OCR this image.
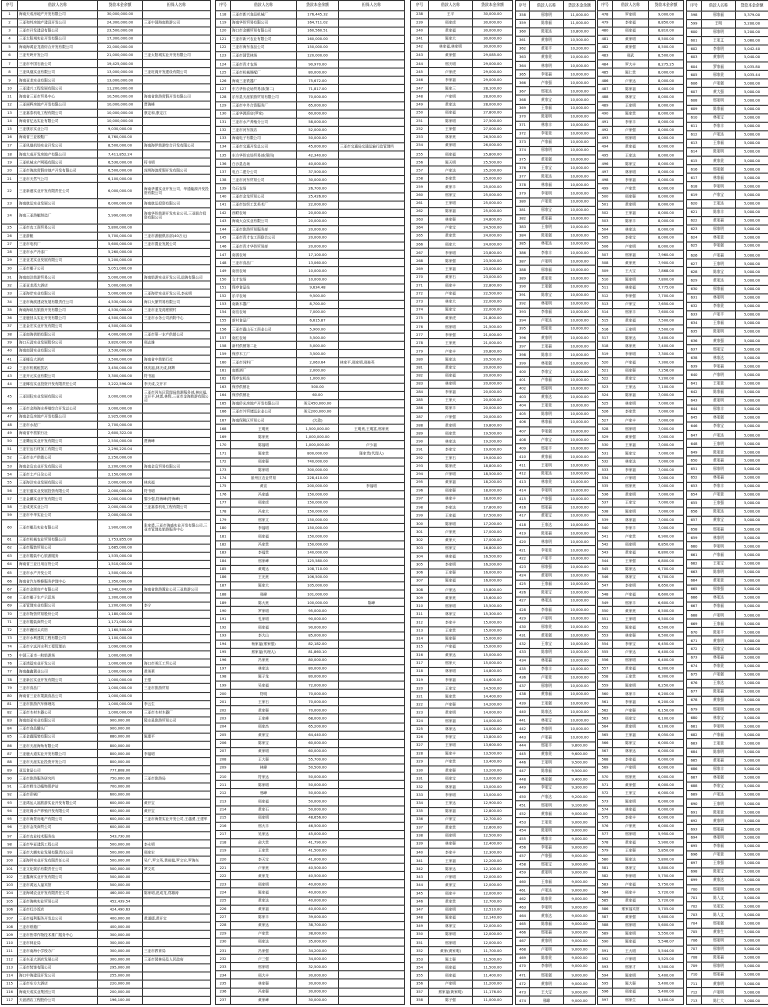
序号	借款人名称	贷款本金余额	担保人名称
1	海南天成房地产开发有限公司	30,000,000.00	
2	三亚和邦房地产建设开发公司	24,300,000.00	三亚中国海南旅游公司
3	三亚市开发建设有限公司	23,500,000.00	
4	三亚太阳城实业开发有限公司	17,300,000.00	
5	海南海鸿亚龙湾综合开发有限公司	22,000,000.00	
6	三亚夹岭开发公司	21,000,000.00	三亚太阳城实业开发有限公司
7	三亚市中国石油公司	19,425,000.00	
8	三亚凤凰实业有限公司	13,000,000.00	三亚旺阁开发建设有限公司
9	海南亚龙实业有限公司	13,000,000.00	
10	三亚建兴工程发展有限公司	11,200,000.00	
11	海南省三亚市贸易中心	10,500,000.00	海南省旅游度假开发有限公司
12	三亚丽晖房地产开发有限公司	10,000,000.00	贾海峰
13	三亚嘉泰机电工程有限公司	10,000,000.00	康定和,康定江
14	海南省亿达实业有限公司	10,000,000.00	
15	三亚康乐实业公司	9,030,000.00	
16	海南省三亚胶鞋厂	8,760,000.00	
17	三亚凤凰机场实业开发公司	8,500,000.00	海南海伊旅游综合开发有限公司
18	海南大成开发房地产有限公司	7,411,852.24	
19	三亚机械水产网箱有限公司	6,530,000.00	符书明
20	三亚市海滨度假房地产开发有限公司	6,500,000.00	深圳海滨度假开发有限公司
21	三亚市天然气公司	6,100,000.00	
22	三亚新港实业开发有限责任公司	6,000,000.00	海南华通实业开发公司、华通能源开发投资有限公司
23	海南航运实业发展公司	6,000,000.00	海南航运投资有限公司
24	海南三亚游艇制造厂	5,990,000.00	海南华侨旅游开发实业公司,三亚联合投资有限公司
25	三亚市农工商贸易公司	5,800,000.00	
26	三亚游艇	5,700,000.00	三亚市游艇俱乐部(40万元)
27	三亚市电机厂	5,600,000.00	三亚市置业发展公司
28	三亚市水产冷冻厂	5,260,000.00	
29	三亚亚龙实业发展有限公司	5,200,000.00	
30	三亚市椰子公司	5,051,000.00	
31	海南南洋旅游贸易公司	5,000,000.00	海南旅游实业开发公司,琼海有限公司
32	三亚亚龙湾大酒店	5,000,000.00	
33	三亚海岸实业有限公司	5,000,000.00	三亚海岸实业开发公司,李光明
34	三亚市海滨建设发展有限责任公司	4,530,000.00	海口大厦贸易有限公司
35	海南海坦岛旅游开发有限公司	4,530,000.00	三亚市亚龙湾度假村
36	三亚鹿回头实业开发有限公司	4,500,000.00	三亚市水务公司消防中心
37	三亚金宏实业开发有限公司	4,500,000.00	
38	三亚南海供销有限公司	4,000,000.00	三亚市第一水产供销公司
39	海口天涯实业发展股份公司	3,820,000.00	邢志雄
40	海南南国实业有限公司	3,530,000.00	
41	三亚椰岛大酒店	3,500,000.00	海南省中旅旅行社
42	三亚市机械租赁站	3,450,000.00	林庆福,林天成,林辉
43	三亚开元实业有限公司	3,300,000.00	符书福
44	三亚椰岛实业投资开发有限责任公司	3,222,596.00	李天成,文开平
45	三亚国际实业发展有限公司	3,000,000.00	三亚市河东区管理局旅游服务部,林庆福,文开平,林勇,林辉,三亚市金海旅游有限公司
46	三亚市金海海水养殖综合开发总公司	3,000,000.00	
47	海南金岛房地产开发有限公司	2,925,000.00	
48	三亚市水泥厂	2,700,000.00	
49	海南省中旅旅行社	2,600,322.00	
50	三亚腾达实业开发有限公司	2,550,000.00	贾海峰
51	三亚宏达石材加工有限公司	2,290,220.04	
52	三亚市水产供销公司	2,250,000.00	
53	海南金岛农业开发有限公司	2,200,000.00	海南金岛贸易有限公司
54	三亚市土产日杂公司	2,150,000.00	
55	三亚海洋实业发展有限公司	2,000,000.00	林庆福
56	三亚宏盛实业发展投资有限公司	2,000,000.00	符书明
57	三亚金鹏实业开发有限公司	2,000,000.00	黎少强,符海峰(符海峰)
58	三亚成美实业公司	2,000,000.00	三亚嘉泰机电工程有限公司
59	三亚市中华实业公司	2,000,000.00	
60	三亚市椰岛实业有限公司	1,900,000.00	张家勇,三亚市海盛实业开发有限公司,三亚市管理处旅游服务中心
61	三亚市机械农业贸易有限公司	1,753,855.00	
62	三亚市服装贸易公司	1,685,000.00	
63	三亚市服装中心旅游服务	1,535,000.00	
64	海南省三亚日用百货公司	1,510,000.00	
65	三亚市水产开发公司	1,500,000.00	
66	海南省汽车维修服务护理中心	1,350,000.00	
67	三亚市金源房产有限公司	1,340,000.00	海南省旅游置业公司三亚旅游公司
68	三亚市椰子生产示范场	1,300,000.00	
69	三亚管理实业有限公司	1,200,000.00	李宁
70	三亚市物资贸易股份公司	1,180,000.00	
71	三亚市服装商贸公司	1,171,000.00	
72	三亚市鹿回头宾馆	1,160,500.00	
73	三亚市水利建筑工程有限公司	1,100,000.00	
74	三亚市宁远河水利工程管理站	1,090,000.00	
75	中国三亚市一般旅游场	1,000,000.00	
76	三亚鸿基实业开发公司	1,000,000.00	海口市美江工贸公司
77	海南鑫鑫置业公司	1,000,000.00	黄美華
78	三亚新区实业开发有限公司	1,000,000.00	王强
79	三亚市食品厂	1,000,000.00	三亚市旅游贸易
80	海南省三亚市果蔬食品公司	1,000,000.00	
81	三亚市旅游汽车修理站	1,000,000.00	李云生
82	三亚市木材木器公司	1,000,000.00	三亚市木材木器厂
83	海南南亚实业有限公司	900,000.00	陵水县旅游贸易公司
84	三亚市食品罐头厂	900,000.00	
85	三亚金鹿服装有限公司	880,000.00	陈康平
86	三亚市天涯海角有限公司	800,000.00	
87	三亚鹿大道实业开发有限公司	800,000.00	李福明
88	三亚市天涯实业投资开发公司	800,000.00	
89	亚运食品公司	777,808.00	
90	三亚市旅游服务研究所	750,000.00	三亚市旅游局
91	三亚市野生动植物保护站	700,000.00	
92	三亚市印刷厂	600,000.00	
93	三亚鸿运人福旅游实业开发有限公司	600,000.00	黄开宝
94	三亚旺阁水产养殖开发有限公司	600,000.00	黄开宝
95	三亚市海景房地产有限公司	600,000.00	三亚市海景实业开发公司,王越勇,王建军
96	三亚市金茂商贸公司	600,000.00	
97	三亚市农业技术服务站	543,730.00	
98	三亚市华亚建筑工程公司	500,000.00	李永明
99	三亚市大鹏实业发展有限责任公司	500,000.00	邢家宏
100	三亚海昇实业开发有限责任公司	500,000.00	吴广,罗文英,黄裕聪,罗文宏,罗海东
101	三亚文化娱乐有限责任公司	500,000.00	罗文英
102	三亚鑫海实业开发有限公司	500,000.00	
103	三亚市鸿运人福宾馆	500,000.00	
104	三亚海城农业开发有限责任公司	460,000.00	陈家明,范成龙,郑雄涛
105	三亚市海峡实业贸易公司	452,439.54	
106	三亚市红沙饭店	424,490.63	
107	三亚市福利服务开发总公司	400,000.00	黄道德,黄开宝
108	三亚市纸箱厂	400,000.00	
109	三亚市热带作物技术推广服务中心	300,000.00	
110	三亚市林业局	300,000.00	
111	三亚市南海小学校办厂	300,000.00	三亚市教育局
112	三亚东亚大酒店发展公司	300,000.00	三亚市园林局及人民政府
113	三亚市装饰有限公司	295,000.00	
114	海口中海建设开发公司	255,000.00	
115	三亚市东方大酒店	220,000.00	
116	海南天成实业集团公司	200,000.00	
117	天涯酒店工程股份公司	196,100.00	
序号	借款人名称	贷款本金余额	担保人名称
118	三亚市新兴食品机械厂	176,445.32	
119	海南华侨贸易有限公司	164,711.02	
120	海口市金鹏贸易有限公司	160,560.51	
121	三亚市新兴农业有限公司	160,000.00	
122	三亚市海东食品公司	150,000.00	
123	三亚市国营林场	120,000.00	
124	三亚市育才农场	90,970.00	
125	三亚市机械修配厂	80,000.00	
126	海南三亚铁器厂	75,672.00	
127	东方华侨农场贸易部(第二)	71,817.00	
128	乐东县天涯旅游贸易有限公司	70,000.00	
129	三亚市中外合资服务厂	65,000.00	
130	三亚华源商店(罗家)	60,000.00	
131	三亚市水产养殖分公司	58,000.00	
132	三亚市河东饭店	52,000.00	
133	海南电子有限公司	50,000.00	
134	三亚市交通开发总公司	45,000.00	三亚市交通局交通运输行政管理所
135	东方华侨农场贸易部(第四)	42,340.00	
136	白沙县农场	40,000.00	
137	电白二建分公司	37,500.00	
138	三亚市河东贸易公司	30,000.00	
139	乌石农场	26,700.00	
140	三亚市金龙贸易公司	25,426.00	
141	三亚市纺织工艺美术厂	22,000.00	
142	西联农场	20,000.00	
143	海南大众实业有限公司	20,000.00	
144	三亚市旅游贸易服务部	20,000.00	
145	三亚市育才农工商联合公司	20,000.00	
146	三亚市育才华侨贸易部	20,000.00	
147	南滨农场	17,100.00	
148	三亚市食品厂	13,060.00	
149	南田农场	10,000.00	
150	立才农场	10,000.00	
151	保亭食品站	9,634.48	
152	乐平农场	9,500.00	
153	南新木器厂	8,700.00	
154	南岛农场	7,000.00	
155	新村食品厂	6,615.87	
156	三亚市鹿山石工商业公司	5,900.00	
157	南红农场	5,500.00	
158	新村供销第二社	5,000.00	
159	保亭木工厂	3,500.00	
160	三亚市饲料厂	2,063.64	林家平,邢家明,邢桂英
161	南新酒厂	2,000.00	
162	保亭农机站	1,000.00	
163	保亭供销社	500.00	
164	保亭供销社	60.00	
165	海南侨光房地产开发有限公司	美元450,000.00	
166	三亚市外贸储运企业公司	美元200,000.00	
167	海南保税区贸易公司	(欠款)	
168	王明贵	1,500,000.00	王明贵,王明富,邢家贵
169	陈家贵	1,000,000.00	
170	陈福明	1,000,000.00	卢少福
171	陈家贵	800,000.00	陈家贵(代理人)
172	邢家强	740,000.00	
173	陈家明	300,000.00	
174	崖州区农业贸易	228,410.00	
175	黄宣	200,000.00	李福明
176	冯家盛	150,000.00	
177	邢家虎	150,000.00	
178	冯家大	150,000.00	
179	邢家文	150,000.00	
180	李福明	150,000.00	
181	邢家福	150,000.00	
182	冯家贵	150,000.00	
183	李福贵	140,000.00	
184	邢家峰	125,580.00	
185	黄明达	108,710.00	
186	王光贵	106,500.00	
187	陈家大	105,000.00	
188	邢峰	101,000.00	
189	陈大贵	100,000.00	陈峰
190	罗家明	95,000.00	
191	孔家明	90,000.00	
192	邢家福	90,000.00	
193	李大山	85,000.00	
194	杨家福(邢家强)	82,182.00	
195	邢家福(代理人)	81,860.10	
196	冯家贵	80,000.00	
197	林家达	80,000.00	
198	陈子龙	80,000.00	
199	吴家福	72,000.00	
200	符明	70,000.00	
201	王家石	70,000.00	
202	黄家强	70,000.00	
203	王家峰	68,000.00	
204	邢家杰	65,200.00	
205	黄家宝	64,440.00	
206	陈家宝	60,000.00	
207	黄家明	60,000.00	
208	王大强	55,700.00	
209	林峰	50,500.00	
210	符家达	50,000.00	
211	陈家明	50,000.00	
212	邢峰	50,000.00	
213	邢家福	50,000.00	
214	黄家石	50,000.00	
215	邢家明	48,656.00	
216	邢大丰	46,500.00	
217	吴家达	45,000.00	
218	俞大贵	41,790.00	
219	王家贵	41,500.00	
220	李天宝	41,000.00	
221	卢家贵	40,500.00	
222	黄家龙	40,500.00	
223	邢家明	40,000.00	
224	陈家福	40,000.00	
225	黄家达	40,000.00	
226	黄家福	40,000.00	
227	陈家丰	39,000.00	
228	黄家达	38,700.00	
229	卢家贵	38,000.00	
230	邢家达	35,000.00	
231	冯家强	34,200.00	
232	卢三强	34,000.00	
233	邢家明	32,500.00	
234	邢大丰	30,000.00	
235	林家强	30,000.00	
236	冯家强	30,000.00	
237	黄家峰	30,000.00	
序号	借款人名称	贷款本金余额
238	王平	30,000.00
239	邢家虎	30,000.00
240	黄家福	30,000.00
241	陈家大	30,000.00
242	林家福,林家明	30,000.00
243	黄家强	29,085.00
244	邢天明	29,000.00
245	卢家虎	29,000.00
246	李家福	29,000.00
247	陈家三	28,100.00
248	卢家明	28,000.00
249	黄家达	28,000.00
250	邢家福	27,800.00
251	陈家明	27,500.00
252	王家强	27,000.00
253	林家贵	26,500.00
254	黄家明	26,000.00
255	邢家福	25,800.00
256	陈天明	25,500.00
257	卢家达	25,200.00
258	李家贵	25,000.00
259	黄家丰	25,000.00
260	邢家宝	25,000.00
261	王家明	25,000.00
262	陈家福	25,000.00
263	林家强	24,800.00
264	卢家宝	24,500.00
265	黄家贵	24,000.00
266	邢家大	24,000.00
267	李家明	23,800.00
268	陈家强	23,500.00
269	王家福	23,000.00
270	黄家石	23,000.00
271	邢家丰	22,800.00
272	卢家福	22,500.00
273	林家大	22,000.00
274	陈家宝	22,000.00
275	黄家虎	21,800.00
276	邢家明	21,500.00
277	李家强	21,000.00
278	王家贵	21,000.00
279	卢家丰	20,800.00
280	陈家达	20,500.00
281	黄家宝	20,000.00
282	邢家福	20,000.00
283	林家明	20,000.00
284	李家福	20,000.00
285	王家大	20,000.00
286	陈家丰	20,000.00
287	卢家强	20,000.00
288	黄家明	19,800.00
289	邢家贵	19,500.00
290	林家达	19,200.00
291	李家宝	19,000.00
292	王家石	19,000.00
293	陈家虎	18,800.00
294	卢家明	18,500.00
295	黄家福	18,200.00
296	邢家强	18,000.00
297	林家丰	18,000.00
298	李家达	17,800.00
299	王家福	17,500.00
300	陈家明	17,200.00
301	卢家贵	17,000.00
302	黄家大	17,000.00
303	邢家宝	16,800.00
304	林家福	16,500.00
305	李家明	16,200.00
306	王家强	16,000.00
307	陈家福	16,000.00
308	卢家达	15,800.00
309	黄家贵	15,600.00
310	邢家明	15,500.00
311	林家宝	15,300.00
312	李家丰	15,000.00
313	王家贵	15,000.00
314	陈家强	15,000.00
315	卢家福	15,000.00
316	黄家达	15,000.00
317	邢家大	15,000.00
318	林家明	14,800.00
319	李家福	14,600.00
320	王家宝	14,500.00
321	陈家贵	14,400.00
322	卢家强	14,200.00
323	黄家明	14,000.00
324	邢家福	14,000.00
325	林家达	14,000.00
326	李家宝	13,800.00
327	王家明	13,600.00
328	陈家丰	13,500.00
329	卢家贵	13,400.00
330	黄家强	13,200.00
331	邢家宝	13,000.00
332	林家福	13,000.00
333	李家明	13,000.00
334	王家达	12,900.00
335	陈家福	12,800.00
336	卢家宝	12,700.00
337	黄家贵	12,600.00
338	邢家明	12,500.00
339	林家强	12,400.00
340	李家丰	12,300.00
341	王家福	12,200.00
342	陈家达	12,100.00
343	卢家明	12,000.00
344	黄家宝	12,000.00
345	邢家丰	12,000.00
346	黄家贵	12,700.00
347	邢家明	12,510.00
348	陈家福	12,140.00
349	林家宝	12,000.00
350	陈家明	12,000.00
351	邢家明	12,000.00
352	黄家(黄家明)	11,700.00
353	陈土强	11,500.00
354	邢家福	11,500.00
355	邢家福	11,400.00
356	卢家明	11,200.00
357	邢家福(黄家明)	11,176.00
358	陈子强	11,000.00
序号	借款人名称	贷款本金余额
358	邢家明	11,000.00
359	陈家福	11,000.00
360	陈家达	10,800.00
361	黄家明	10,500.00
362	黄家丰	10,200.00
363	黄家贵	10,000.00
364	林家明	10,000.00
365	李家福	10,000.00
366	卢家强	10,000.00
367	邢家达	10,000.00
368	黄家宝	10,000.00
369	王家福	10,000.00
370	陈家明	10,000.00
371	林家丰	10,000.00
372	李家贵	10,000.00
373	卢家福	10,000.00
374	邢家明	10,000.00
375	黄家强	10,000.00
376	王家宝	10,000.00
377	陈家达	10,000.00
378	林家福	10,000.00
379	李家明	10,000.00
380	卢家贵	10,000.00
381	邢家宝	10,000.00
382	黄家福	10,000.00
383	王家明	10,000.00
384	陈家强	10,000.00
385	林家达	10,000.00
386	李家丰	10,000.00
387	卢家明	10,000.00
388	邢家福	10,000.00
389	黄家贵	10,000.00
390	王家强	10,000.00
391	陈家宝	10,000.00
392	林家明	10,000.00
393	李家福	10,000.00
394	卢家达	10,000.00
395	邢家贵	10,000.00
396	黄家明	10,000.00
397	王家福	10,000.00
398	陈家丰	10,000.00
399	林家强	10,000.00
400	李家宝	10,000.00
401	卢家福	10,000.00
402	邢家明	10,000.00
403	黄家达	10,000.00
404	王家贵	10,000.00
405	陈家明	10,000.00
406	林家福	10,000.00
407	李家强	10,000.00
408	卢家宝	10,000.00
409	邢家丰	10,000.00
410	黄家福	10,000.00
411	王家明	10,000.00
412	陈家达	10,000.00
413	林家贵	10,000.00
414	李家明	10,000.00
415	卢家强	10,000.00
416	邢家福	10,000.00
417	黄家宝	10,000.00
418	王家达	10,000.00
419	陈家福	10,000.00
420	林家明	10,000.00
421	李家贵	10,000.00
422	卢家丰	10,000.00
423	邢家强	10,000.00
424	黄家明	10,000.00
425	王家福	10,000.00
426	陈家宝	10,000.00
427	林家达	10,000.00
428	李家福	10,000.00
429	卢家明	10,000.00
430	邢家贵	10,000.00
431	黄家强	10,000.00
432	王家宝	10,000.00
433	陈家明	10,000.00
434	林家福	10,000.00
435	李家丰	10,000.00
436	卢家贵	10,000.00
437	邢家明	10,000.00
438	黄家福	10,000.00
439	王家强	10,000.00
440	陈家达	10,000.00
441	林家宝	10,000.00
442	李家明	10,000.00
443	卢家福	10,000.00
444	邢家丰	9,800.00
445	黄家贵	9,600.00
446	王家明	9,500.00
447	陈家福	9,500.00
448	林家强	9,400.00
449	李家宝	9,300.00
450	卢家达	9,200.00
451	邢家明	9,100.00
452	黄家福	9,000.00
453	王家贵	9,000.00
454	陈家明	9,000.00
455	林家丰	9,000.00
456	李家福	9,000.00
457	卢家强	9,000.00
458	邢家宝	9,000.00
459	黄家明	9,000.00
460	王家福	9,000.00
461	卢家达	9,000.00
462	陈家贵	9,000.00
463	李家明	9,000.00
464	黄家达	9,000.00
465	陈家福	9,000.00
466	邢家福	9,000.00
467	黄家明	9,000.00
468	卢家明	9,000.00
469	陈家贵	9,000.00
470	李家明	9,000.00
471	邢家强	9,000.00
472	黄家明	9,000.00
473	王大宝	9,000.00
474	邢峰	9,000.00
序号	借款人名称	贷款本金余额
478	罗家明	9,000.00
479	李家福	8,850.00
480	邢家福	8,810.00
481	黄家明	8,500.00
482	黄家强	8,500.00
483	邢武	8,500.00
484	罗大丰	8,275.25
485	陈仁贵	8,000.00
486	卢家达	8,000.00
487	陈家福	8,000.00
488	林家宝	8,000.00
489	王家明	8,000.00
490	陈家贵	8,000.00
491	李家丰	8,000.00
492	卢家强	8,000.00
493	邢家明	8,000.00
494	黄家福	8,000.00
495	王家达	8,000.00
496	陈家宝	8,000.00
497	林家明	8,000.00
498	李家福	8,000.00
499	卢家贵	8,000.00
500	邢家强	8,000.00
501	黄家明	8,000.00
502	王家福	8,000.00
503	陈家丰	8,000.00
504	林家达	8,000.00
505	李家宝	8,000.00
506	卢家明	8,000.00
507	邢家福	7,960.00
508	黄家贵	7,900.00
509	王大宝	7,868.00
510	陈家明	7,800.00
511	林家福	7,775.00
512	李家强	7,700.00
513	卢家宝	7,650.00
514	邢家丰	7,600.00
515	黄家福	7,500.00
516	王家明	7,500.00
517	陈家达	7,400.00
518	林家贵	7,400.00
519	李家明	7,300.00
520	卢家福	7,300.00
521	邢家强	7,256.00
522	黄家宝	7,200.00
523	王家达	7,100.00
524	陈家福	7,000.00
525	林家明	7,000.00
526	李家贵	7,000.00
527	卢家丰	7,000.00
528	邢家明	7,000.00
529	黄家强	7,000.00
530	王家福	7,000.00
531	陈家宝	7,000.00
532	林家达	7,000.00
533	李家福	7,000.00
534	卢家明	7,000.00
535	邢家贵	7,000.00
536	黄家明	7,000.00
537	王家宝	7,000.00
538	陈家明	7,000.00
539	林家福	7,000.00
540	李家丰	7,000.00
541	卢家贵	6,900.00
542	邢家明	6,850.00
543	黄家福	6,800.00
544	王家强	6,800.00
545	陈家达	6,700.00
546	林家宝	6,700.00
547	李家明	6,650.00
548	卢家福	6,600.00
549	邢家丰	6,600.00
550	黄家贵	6,500.00
551	王家明	6,500.00
552	陈家福	6,500.00
553	林家强	6,500.00
554	李家宝	6,450.00
555	卢家达	6,400.00
556	邢家明	6,400.00
557	黄家福	6,300.00
558	王家贵	6,300.00
559	陈家明	6,250.00
560	林家丰	6,200.00
561	李家福	6,200.00
562	卢家强	6,150.00
563	邢家宝	6,100.00
564	黄家明	6,100.00
565	王家福	6,050.00
566	陈家宝	6,000.00
567	林家达	6,000.00
568	李家福	6,000.00
569	卢家明	6,000.00
570	邢家贵	6,000.00
571	黄家强	6,000.00
572	王家宝	6,000.00
573	陈家明	6,000.00
574	林家福	6,000.00
575	李家丰	6,000.00
576	卢家贵	6,000.00
577	邢家明	5,950.00
578	黄家福	5,900.00
579	王家强	5,850.00
580	陈家达	5,800.00
581	林家宝	5,800.00
582	李家明	5,750.00
583	卢家福	5,750.00
584	邢家丰	5,720.00
585	黄家福	5,720.00
586	邢家福宾馆	5,705.00
587	黄家强	5,600.00
588	邢家明	5,600.00
589	陈家明	5,550.00
590	陈家福	5,546.07
591	王大明	5,544.00
592	卢家明	5,525.00
593	邢家才	5,500.00
594	陈家明	5,400.00
595	陈大强	5,400.00
596	邢家福	5,400.00
597	邢家生	5,400.00
序号	借款人名称	贷款本金余额
598	邢家福	5,379.00
599	王明	5,200.00
600	邢家明	5,200.00
601	王家文	5,080.00
602	李家明	5,042.40
603	黄家明	5,040.00
604	罗家福	5,035.80
605	邢家贵	5,035.44
606	卢家强	5,000.00
607	黄大强	5,000.00
608	邢家明	5,000.00
609	陈家福	5,000.00
610	林家宝	5,000.00
611	李家丰	5,000.00
612	卢家达	5,000.00
613	王家福	5,000.00
614	陈家明	5,000.00
615	黄家贵	5,000.00
616	邢家强	5,000.00
617	林家福	5,000.00
618	李家明	5,000.00
619	卢家宝	5,000.00
620	王家达	5,000.00
621	陈家丰	5,000.00
622	黄家福	5,000.00
623	邢家明	5,000.00
624	林家贵	5,000.00
625	李家强	5,000.00
626	卢家福	5,000.00
627	王家明	5,000.00
628	陈家宝	5,000.00
629	黄家达	5,000.00
630	邢家福	5,000.00
631	林家明	5,000.00
632	李家贵	5,000.00
633	卢家丰	5,000.00
634	王家福	5,000.00
635	陈家明	5,000.00
636	黄家强	5,000.00
637	邢家宝	5,000.00
638	林家达	5,000.00
639	李家福	5,000.00
640	卢家明	5,000.00
641	王家贵	5,000.00
642	陈家福	5,000.00
643	黄家明	5,000.00
644	邢家丰	5,000.00
645	林家强	5,000.00
646	李家宝	5,000.00
647	卢家达	5,000.00
648	王家明	5,000.00
649	陈家贵	5,000.00
650	黄家福	5,000.00
651	邢家明	5,000.00
652	林家福	5,000.00
653	李家丰	5,000.00
654	卢家贵	5,000.00
655	王家强	5,000.00
656	陈家达	5,000.00
657	黄家宝	5,000.00
658	邢家福	5,000.00
659	林家明	5,000.00
660	李家明	5,000.00
661	卢家福	5,000.00
662	王家宝	5,000.00
663	陈家明	5,000.00
664	黄家贵	5,000.00
665	邢家强	5,000.00
666	林家达	5,000.00
667	李家福	5,000.00
668	卢家明	5,000.00
669	王家福	5,000.00
670	陈家丰	5,000.00
671	黄家明	5,000.00
672	邢家宝	5,000.00
673	林家福	5,000.00
674	李家贵	5,000.00
675	卢家强	5,000.00
676	王家达	5,000.00
677	陈家福	5,000.00
678	黄家强	5,000.00
679	邢家明	5,000.00
680	林家宝	5,000.00
681	李家明	5,000.00
682	卢家福	5,000.00
683	王家贵	5,000.00
684	陈家明	5,000.00
685	黄家福	5,000.00
686	邢家丰	5,000.00
687	林家强	5,000.00
688	李家宝	5,000.00
689	卢家达	5,000.00
690	王家明	5,000.00
691	陈家贵	5,000.00
692	黄家明	5,000.00
693	邢家福	5,000.00
694	林家明	5,000.00
695	李家福	5,000.00
696	卢家贵	5,000.00
697	王家强	5,000.00
698	陈家宝	5,000.00
699	黄家达	5,000.00
700	邢家明	5,000.00
701	陈人文	5,000.00
702	吴家宏	5,000.00
703	陈人文	5,000.00
704	邢家强	5,000.00
705	黄家生	5,000.00
706	邢家明	5,000.00
707	邢家明	5,000.00
708	陈家福	5,000.00
709	邢家明	5,000.00
710	邢家福	5,000.00
711	黄家明	5,000.00
712	卢家明	5,000.00
713	陈仁大	5,000.00
